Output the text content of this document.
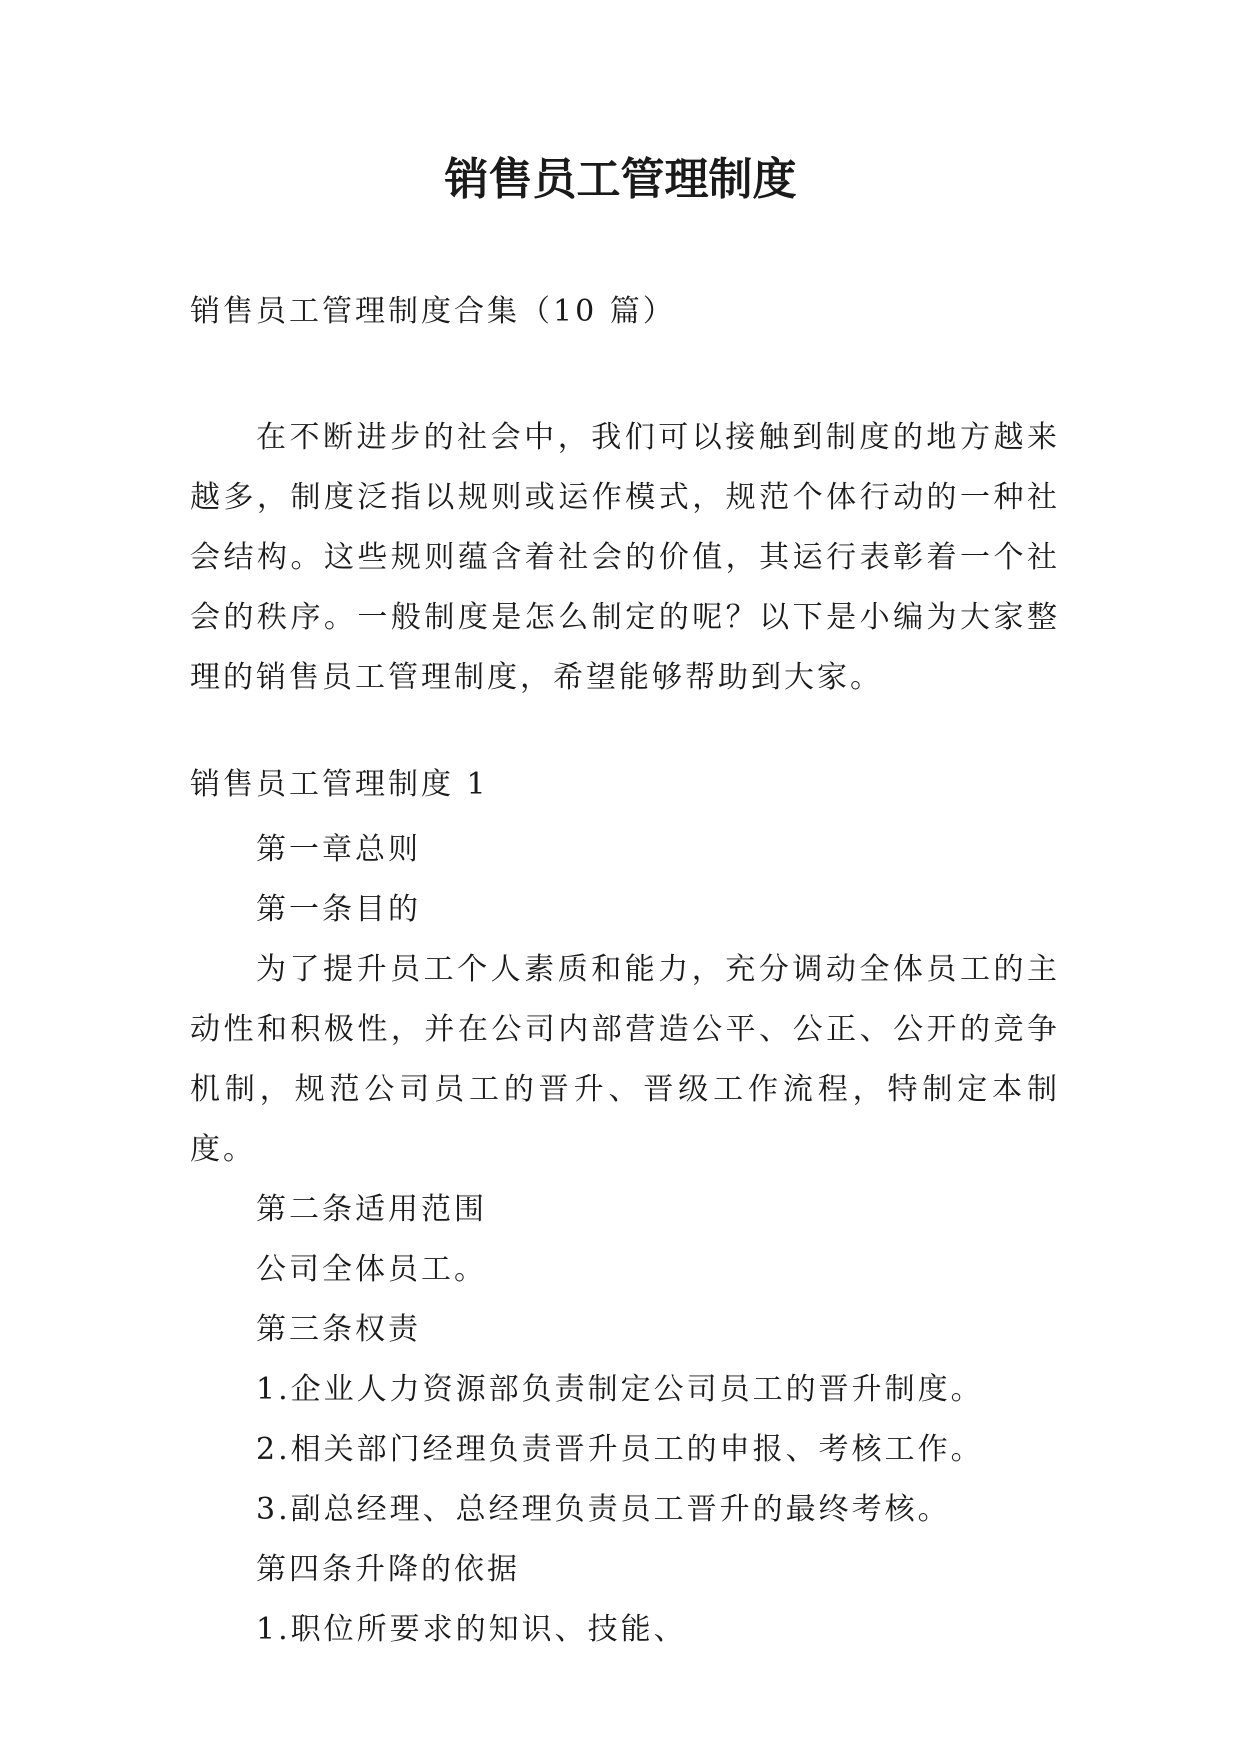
销售员工管理制度
销售员工管理制度合集（10 篇）
在不断进步的社会中，我们可以接触到制度的地方越来越多，制度泛指以规则或运作模式，规范个体行动的一种社会结构。这些规则蕴含着社会的价值，其运行表彰着一个社会的秩序。一般制度是怎么制定的呢？以下是小编为大家整理的销售员工管理制度，希望能够帮助到大家。
销售员工管理制度 1
第一章总则
第一条目的
为了提升员工个人素质和能力，充分调动全体员工的主动性和积极性，并在公司内部营造公平、公正、公开的竞争机制，规范公司员工的晋升、晋级工作流程，特制定本制度。
第二条适用范围
公司全体员工。
第三条权责
1.企业人力资源部负责制定公司员工的晋升制度。
2.相关部门经理负责晋升员工的申报、考核工作。
3.副总经理、总经理负责员工晋升的最终考核。
第四条升降的依据
1.职位所要求的知识、技能、
